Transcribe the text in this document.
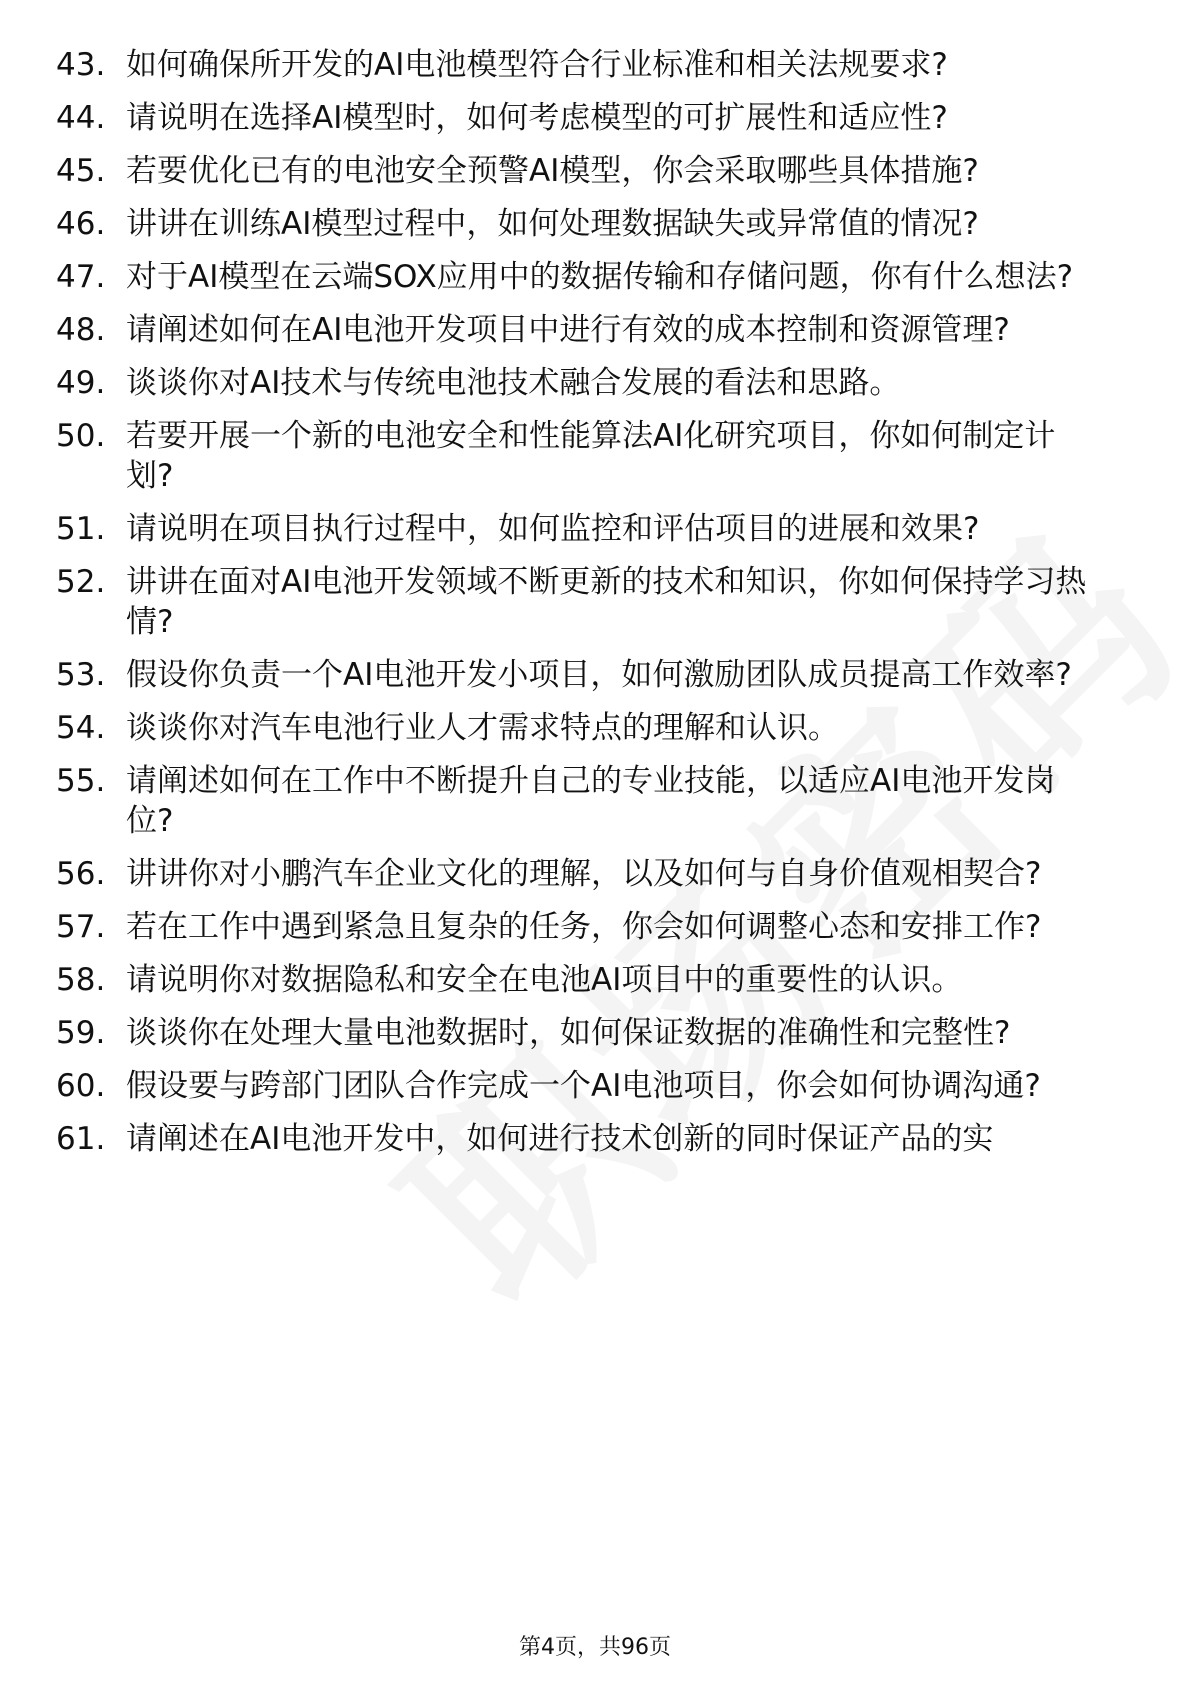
43. 如何确保所开发的AI电池模型符合行业标准和相关法规要求?
44. 请说明在选择AI模型时，如何考虑模型的可扩展性和适应性?
45. 若要优化已有的电池安全预警AI模型，你会采取哪些具体措施?
46. 讲讲在训练AI模型过程中，如何处理数据缺失或异常值的情况?
47. 对于AI模型在云端SOX应用中的数据传输和存储问题，你有什么想法?
48. 请阐述如何在AI电池开发项目中进行有效的成本控制和资源管理?
49. 谈谈你对AI技术与传统电池技术融合发展的看法和思路。
50. 若要开展一个新的电池安全和性能算法AI化研究项目，你如何制定计划?
51. 请说明在项目执行过程中，如何监控和评估项目的进展和效果?
52. 讲讲在面对AI电池开发领域不断更新的技术和知识，你如何保持学习热情?
53. 假设你负责一个AI电池开发小项目，如何激励团队成员提高工作效率?
54. 谈谈你对汽车电池行业人才需求特点的理解和认识。
55. 请阐述如何在工作中不断提升自己的专业技能，以适应AI电池开发岗位?
56. 讲讲你对小鹏汽车企业文化的理解，以及如何与自身价值观相契合?
57. 若在工作中遇到紧急且复杂的任务，你会如何调整心态和安排工作?
58. 请说明你对数据隐私和安全在电池AI项目中的重要性的认识。
59. 谈谈你在处理大量电池数据时，如何保证数据的准确性和完整性?
60. 假设要与跨部门团队合作完成一个AI电池项目，你会如何协调沟通?
61. 请阐述在AI电池开发中，如何进行技术创新的同时保证产品的实
第4页，共96页
